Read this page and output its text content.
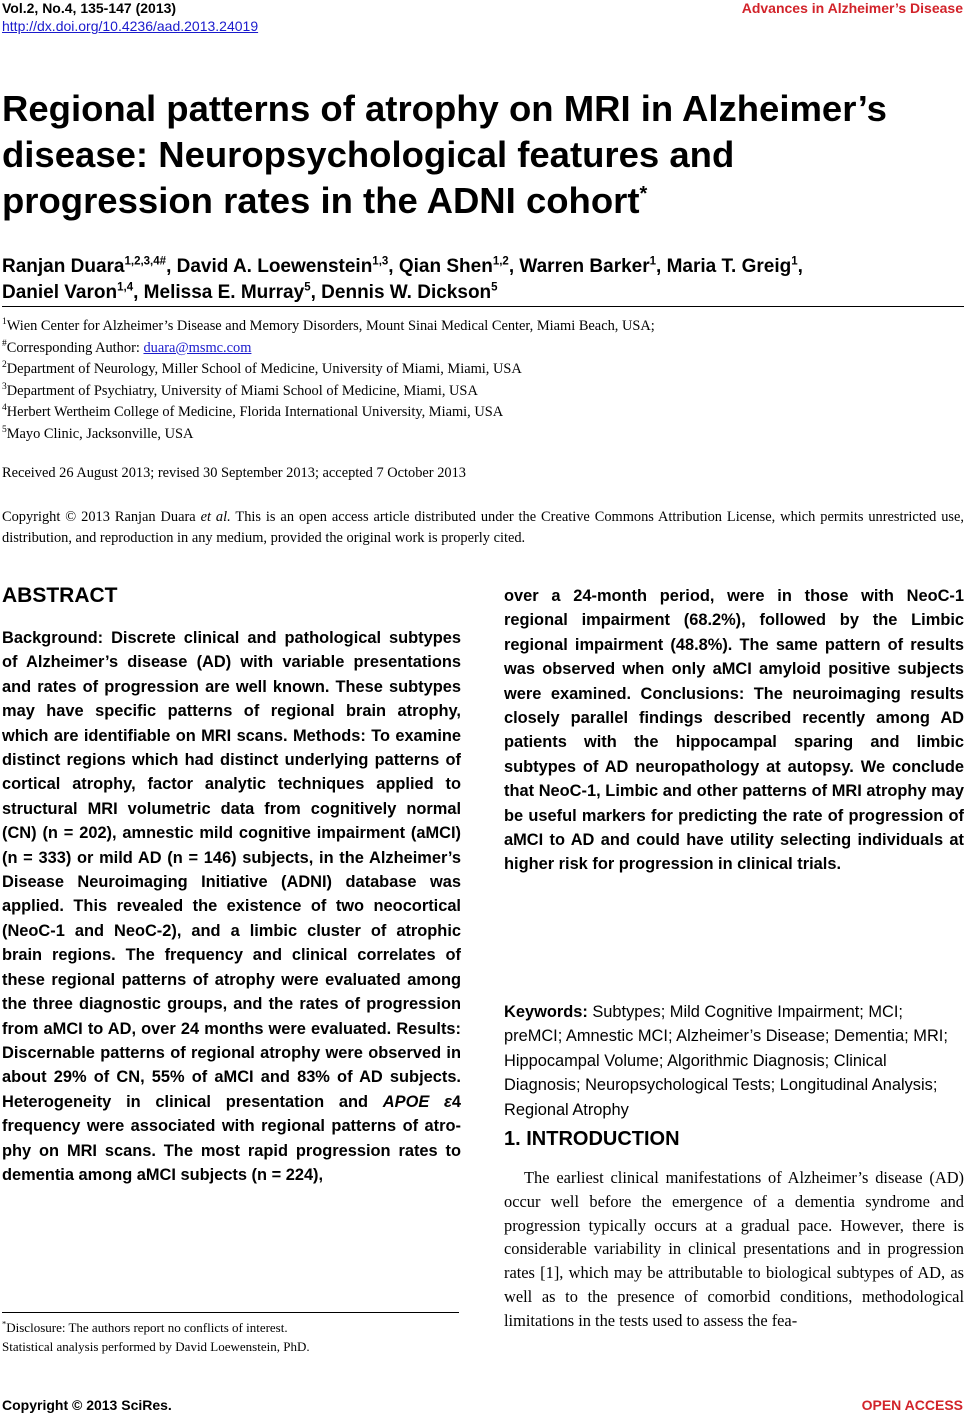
Vol.2, No.4, 135-147 (2013)
http://dx.doi.org/10.4236/aad.2013.24019
Advances in Alzheimer’s Disease
Regional patterns of atrophy on MRI in Alzheimer’s
disease: Neuropsychological features and
progression rates in the ADNI cohort*

Ranjan Duara$^{1,2,3,4\#}$, David A. Loewenstein$^{1,3}$, Qian Shen$^{1,2}$, Warren Barker$^1$, Maria T. Greig$^1$,
Daniel Varon$^{1,4}$, Melissa E. Murray$^5$, Dennis W. Dickson$^5$

$^1$Wien Center for Alzheimer’s Disease and Memory Disorders, Mount Sinai Medical Center, Miami Beach, USA;
#Corresponding Author: duara@msmc.com
$^2$Department of Neurology, Miller School of Medicine, University of Miami, Miami, USA
$^3$Department of Psychiatry, University of Miami School of Medicine, Miami, USA
$^4$Herbert Wertheim College of Medicine, Florida International University, Miami, USA
$^5$Mayo Clinic, Jacksonville, USA

Received 26 August 2013; revised 30 September 2013; accepted 7 October 2013

Copyright © 2013 Ranjan Duara et al. This is an open access article distributed under the Creative Commons Attribution License, which permits unrestricted use, distribution, and reproduction in any medium, provided the original work is properly cited.

ABSTRACT

Background: Discrete clinical and pathological subtypes of Alzheimer’s disease (AD) with variable presentations and rates of progression are well known. These subtypes may have specific patterns of regional brain atrophy, which are identifiable on MRI scans. Methods: To examine distinct regions which had distinct underlying patterns of cortical atrophy, factor analytic techniques applied to structural MRI volumetric data from cognitively normal (CN) (n = 202), amnestic mild cognitive impairment (aMCI) (n = 333) or mild AD (n = 146) subjects, in the Alzheimer’s Disease Neuroimaging Initiative (ADNI) database was applied. This revealed the existence of two neocortical (NeoC-1 and NeoC-2), and a limbic cluster of atrophic brain regions. The frequency and clinical correlates of these regional patterns of atrophy were evaluated among the three diagnostic groups, and the rates of progression from aMCI to AD, over 24 months were evaluated. Results: Discernable patterns of regional atrophy were observed in about 29% of CN, 55% of aMCI and 83% of AD subjects. Heterogeneity in clinical presentation and APOE ε4 frequency were associated with regional patterns of atrophy on MRI scans. The most rapid progression rates to dementia among aMCI subjects (n = 224),

over a 24-month period, were in those with NeoC-1 regional impairment (68.2%), followed by the Limbic regional impairment (48.8%). The same pattern of results was observed when only aMCI amyloid positive subjects were examined. Conclusions: The neuroimaging results closely parallel findings described recently among AD patients with the hippocampal sparing and limbic subtypes of AD neuropathology at autopsy. We conclude that NeoC-1, Limbic and other patterns of MRI atrophy may be useful markers for predicting the rate of progression of aMCI to AD and could have utility selecting individuals at higher risk for progression in clinical trials.

Keywords: Subtypes; Mild Cognitive Impairment; MCI; preMCI; Amnestic MCI; Alzheimer’s Disease; Dementia; MRI; Hippocampal Volume; Algorithmic Diagnosis; Clinical Diagnosis; Neuropsychological Tests; Longitudinal Analysis; Regional Atrophy

1. INTRODUCTION

The earliest clinical manifestations of Alzheimer’s disease (AD) occur well before the emergence of a dementia syndrome and progression typically occurs at a gradual pace. However, there is considerable variability in clinical presentations and in progression rates [1], which may be attributable to biological subtypes of AD, as well as to the presence of comorbid conditions, methodological limitations in the tests used to assess the fea-

*Disclosure: The authors report no conflicts of interest.
Statistical analysis performed by David Loewenstein, PhD.

Copyright © 2013 SciRes.	OPEN ACCESS
